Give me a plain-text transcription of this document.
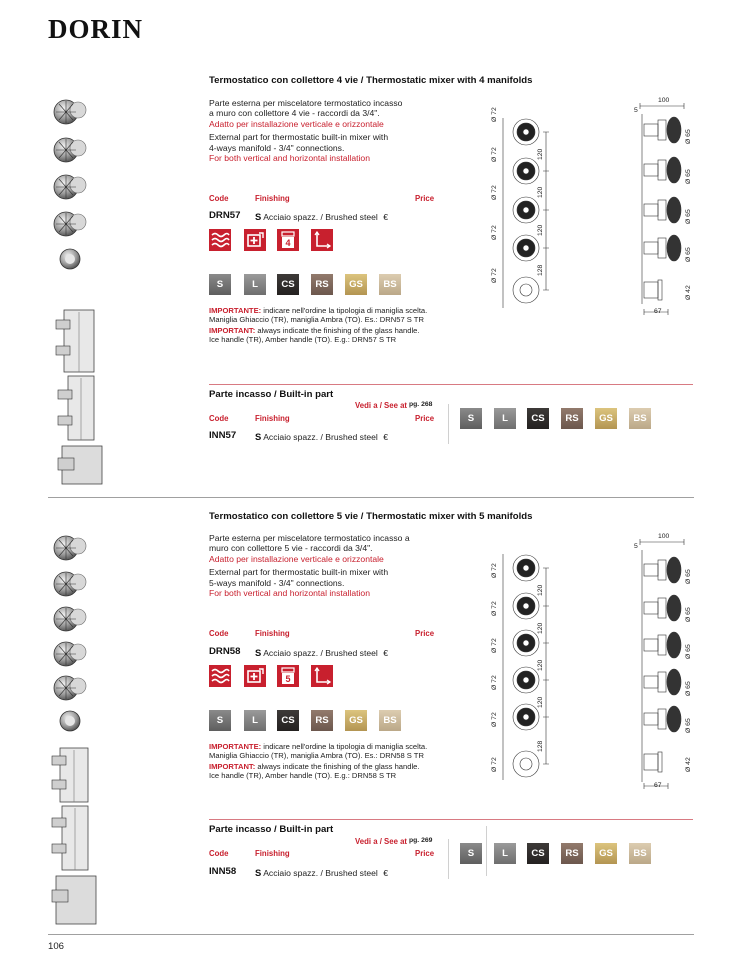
DORIN
Termostatico con collettore 4 vie / Thermostatic mixer with 4 manifolds
Parte esterna per miscelatore termostatico incasso
a muro con collettore 4 vie - raccordi da 3/4".
Adatto per installazione verticale e orizzontale
External part for thermostatic built-in mixer with
4-ways manifold - 3/4" connections.
For both vertical and horizontal installation
Code	Finishing	Price
DRN57 S Acciaio spazz. / Brushed steel €
4
S	L	CS	RS	GS	BS
IMPORTANTE: indicare nell'ordine la tipologia di maniglia scelta.
Maniglia Ghiaccio (TR), maniglia Ambra (TO). Es.: DRN57 S TR
IMPORTANT: always indicate the finishing of the glass handle.
Ice handle (TR), Amber handle (TO). E.g.: DRN57 S TR
Parte incasso / Built-in part
Vedi a / See at pg. 268
Code	Finishing	Price
INN57 S Acciaio spazz. / Brushed steel €
S	L	CS	RS	GS	BS
Termostatico con collettore 5 vie / Thermostatic mixer with 5 manifolds
Parte esterna per miscelatore termostatico incasso a
muro con collettore 5 vie - raccordi da 3/4".
Adatto per installazione verticale e orizzontale
External part for thermostatic built-in mixer with
5-ways manifold - 3/4" connections.
For both vertical and horizontal installation
Code	Finishing	Price
DRN58 S Acciaio spazz. / Brushed steel €
5
S	L	CS	RS	GS	BS
IMPORTANTE: indicare nell'ordine la tipologia di maniglia scelta.
Maniglia Ghiaccio (TR), maniglia Ambra (TO). Es.: DRN58 S TR
IMPORTANT: always indicate the finishing of the glass handle.
Ice handle (TR), Amber handle (TO). E.g.: DRN58 S TR
Parte incasso / Built-in part
Vedi a / See at pg. 269
Code	Finishing	Price
INN58 S Acciaio spazz. / Brushed steel €
S	L	CS	RS	GS	BS
106
Ø 72
Ø 72
Ø 72
Ø 72
Ø 72
120
120
120
128
100
5
Ø 65
Ø 65
Ø 65
Ø 65
Ø 42
67
Ø 72
Ø 72
Ø 72
Ø 72
Ø 72
Ø 72
120
120
120
120
128
100
5
Ø 65
Ø 65
Ø 65
Ø 65
Ø 65
Ø 42
67
